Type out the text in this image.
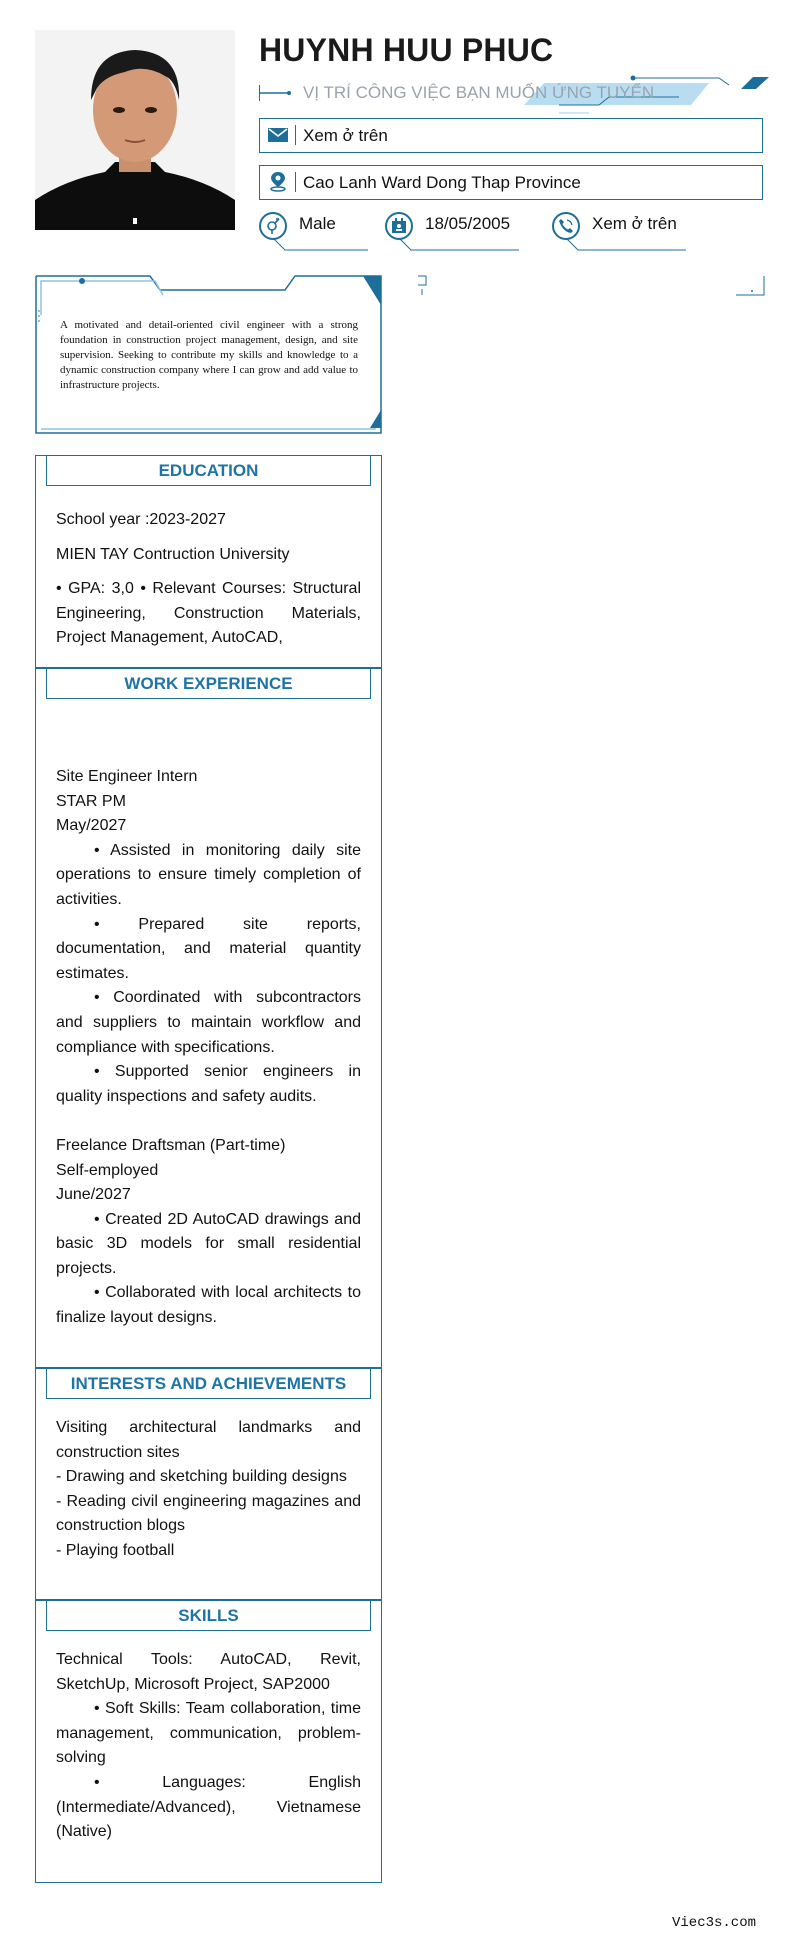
HUYNH HUU PHUC
VỊ TRÍ CÔNG VIỆC BẠN MUỐN ỨNG TUYỂN
Xem ở trên
Cao Lanh Ward Dong Thap Province
Male	18/05/2005	Xem ở trên
A motivated and detail-oriented civil engineer with a strong foundation in construction project management, design, and site supervision. Seeking to contribute my skills and knowledge to a dynamic construction company where I can grow and add value to infrastructure projects.
EDUCATION

School year :2023-2027

MIEN TAY Contruction University

• GPA: 3,0 • Relevant Courses: Structural Engineering, Construction Materials, Project Management, AutoCAD,

WORK EXPERIENCE

Site Engineer Intern

STAR PM

May/2027

• Assisted in monitoring daily site operations to ensure timely completion of activities.

• Prepared site reports, documentation, and material quantity estimates.

• Coordinated with subcontractors and suppliers to maintain workflow and compliance with specifications.

• Supported senior engineers in quality inspections and safety audits.

Freelance Draftsman (Part-time)

Self-employed

June/2027

• Created 2D AutoCAD drawings and basic 3D models for small residential projects.

• Collaborated with local architects to finalize layout designs.

INTERESTS AND ACHIEVEMENTS

Visiting architectural landmarks and construction sites

- Drawing and sketching building designs

- Reading civil engineering magazines and construction blogs

- Playing football

SKILLS

Technical Tools: AutoCAD, Revit, SketchUp, Microsoft Project, SAP2000

• Soft Skills: Team collaboration, time management, communication, problem-solving

• Languages: English (Intermediate/Advanced), Vietnamese (Native)

Viec3s.com
